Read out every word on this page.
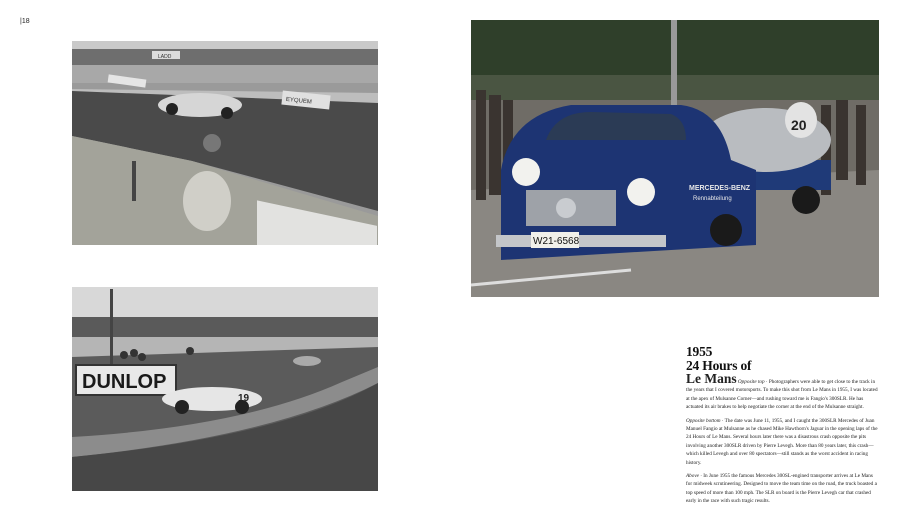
|18
LADD
EYQUEM
DUNLOP
19
20
W21-6568
MERCEDES-BENZ
Rennabteilung
1955
24 Hours of
Le Mans Opposite top · Photographers were able to get close to the track in the years that I covered motorsports. To make this shot from Le Mans in 1955, I was located at the apex of Mulsanne Corner—and rushing toward me is Fangio's 300SLR. He has actuated its air brakes to help negotiate the corner at the end of the Mulsanne straight.

Opposite bottom · The date was June 11, 1955, and I caught the 300SLR Mercedes of Juan Manuel Fangio at Mulsanne as he chased Mike Hawthorn's Jaguar in the opening laps of the 24 Hours of Le Mans. Several hours later there was a disastrous crash opposite the pits involving another 300SLR driven by Pierre Levegh. More than 80 years later, this crash—which killed Levegh and over 80 spectators—still stands as the worst accident in racing history.

Above · In June 1955 the famous Mercedes 300SL-engined transporter arrives at Le Mans for midweek scrutineering. Designed to move the team time on the road, the truck boasted a top speed of more than 100 mph. The SLR on board is the Pierre Levegh car that crashed early in the race with such tragic results.
